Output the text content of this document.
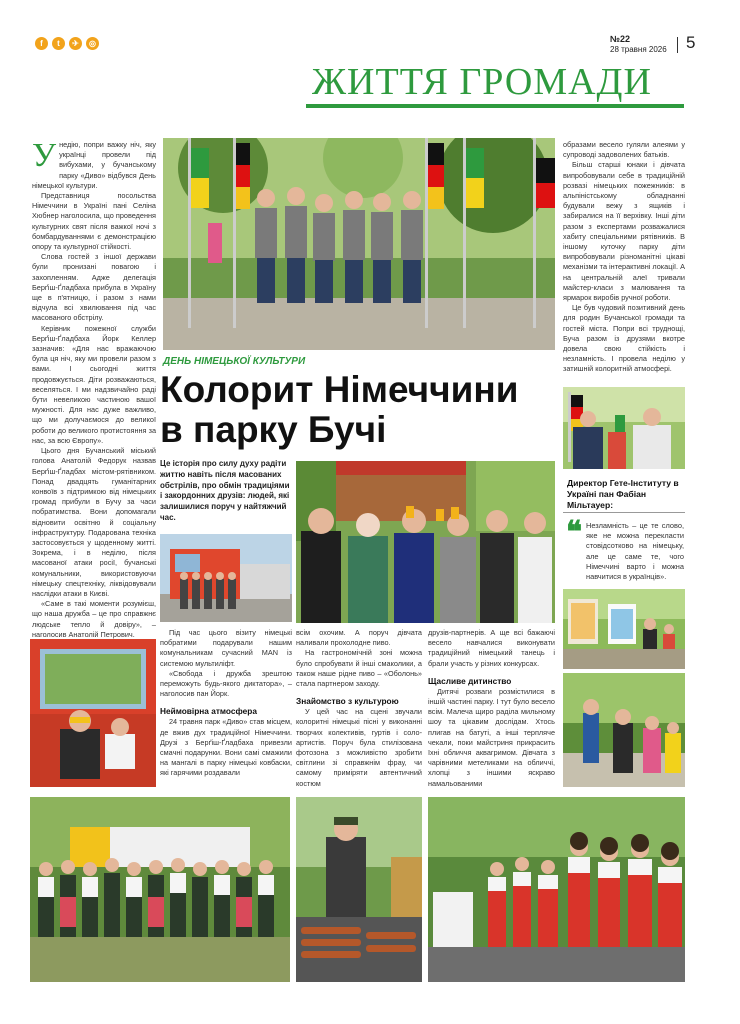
f	t	✈	◎	№22
28 травня 2026 5
ЖИТТЯ ГРОМАДИ
У недію, попри важку ніч, яку українці провели під вибухами, у бучанському парку «Диво» відбувся День німецької культури.

Представниця посольства Німеччини в Україні пані Селіна Хюбнер наголосила, що проведення культурних свят після важкої ночі з бомбардуваннями є демонстрацією опору та культурної стійкості.

Слова гостей з іншої держави були пронизані повагою і захопленням. Адже делегація Берґіш-Ґладбаха прибула в Україну ще в п'ятницю, і разом з нами відчула всі хвилювання під час масованого обстрілу.

Керівник пожежної служби Берґіш-Ґладбаха Йорк Келлер зазначив: «Для нас вражаючою була ця ніч, яку ми провели разом з вами. І сьогодні життя продовжується. Діти розважаються, веселяться. І ми надзвичайно раді бути невеликою частиною вашої мужності. Для нас дуже важливо, що ми долучаємося до великої роботи до великого протистояння за нас, за всю Європу».

Цього дня Бучанський міський голова Анатолій Федорук назвав Берґіш-Ґладбах містом-рятівником. Понад двадцять гуманітарних конвоїв з підтримкою від німецьких громад прибули в Бучу за часи побратимства. Вони допомагали відновити освітню й соціальну інфраструктуру. Подарована техніка застосовується у щоденному житті. Зокрема, і в неділю, після масованої атаки росії, бучанські комунальники, використовуючи німецьку спецтехніку, ліквідовували наслідки атаки в Києві.

«Саме в такі моменти розумієш, що наша дружба – це про справжнє людське тепло й довіру», – наголосив Анатолій Петрович.

образами весело гуляли алеями у супроводі задоволених батьків.

Більш старші юнаки і дівчата випробовували себе в традиційній розвазі німецьких пожежників: в альпіністському обладнанні будували вежу з ящиків і забиралися на її верхівку. Інші діти разом з експертами розважалися хабиту спеціальними рятівників. В іншому куточку парку діти випробовували різноманітні цікаві механізми та інтерактивні локації. А на центральній алеї тривали майстер-класи з малювання та ярмарок виробів ручної роботи.

Це був чудовий позитивний день для родин Бучанської громади та гостей міста. Попри всі труднощі, Буча разом із друзями вкотре довела свою стійкість і незламність. І провела неділю у затишній колоритній атмосфері.

Директор Гете-Інституту в Україні пан Фабіан Мільтауер:
❝ Незламність – це те слово, яке не можна перекласти стовідсотково на німецьку, але це саме те, чого Німеччині варто і можна навчитися в українців».
ДЕНЬ НІМЕЦЬКОЇ КУЛЬТУРИ
Колорит Німеччини
в парку Бучі
Це історія про силу духу радіти життю навіть після масованих обстрілів, про обмін традиціями і закордонних друзів: людей, які залишилися поруч у найтяжчий час.

Під час цього візиту німецькі побратими подарували нашим комунальникам сучасний MAN із системою мультиліфт.

«Свобода і дружба зрештою переможуть будь-якого диктатора», – наголосив пан Йорк.

Неймовірна атмосфера

24 травня парк «Диво» став місцем, де вжив дух традиційної Німеччини. Друзі з Берґіш-Ґладбаха привезли смачні подарунки. Вони самі смажили на мангалі в парку німецькі ковбаски, які гарячими роздавали

всім охочим. А поруч дівчата наливали прохолодне пиво.

На гастрономічній зоні можна було спробувати й інші смаколики, а також наше рідне пиво – «Оболонь» стала партнером заходу.

Знайомство з культурою

У цей час на сцені звучали колоритні німецькі пісні у виконанні творчих колективів, гуртів і соло-артистів. Поруч була стилізована фотозона з можливістю зробити світлини зі справжнім фрау, чи самому приміряти автентичний костюм

друзів-партнерів. А ще всі бажаючі весело навчалися виконувати традиційний німецький танець і брали участь у різних конкурсах.

Щасливе дитинство

Дитячі розваги розмістилися в іншій частині парку. І тут було весело всім. Малеча щиро раділа мильному шоу та цікавим дослідам. Хтось плигав на батуті, а інші терпляче чекали, поки майстриня прикрасить їхні обличчя аквагримом. Дівчата з чарівними метеликами на обличчі, хлопці з іншими яскраво намальованими
